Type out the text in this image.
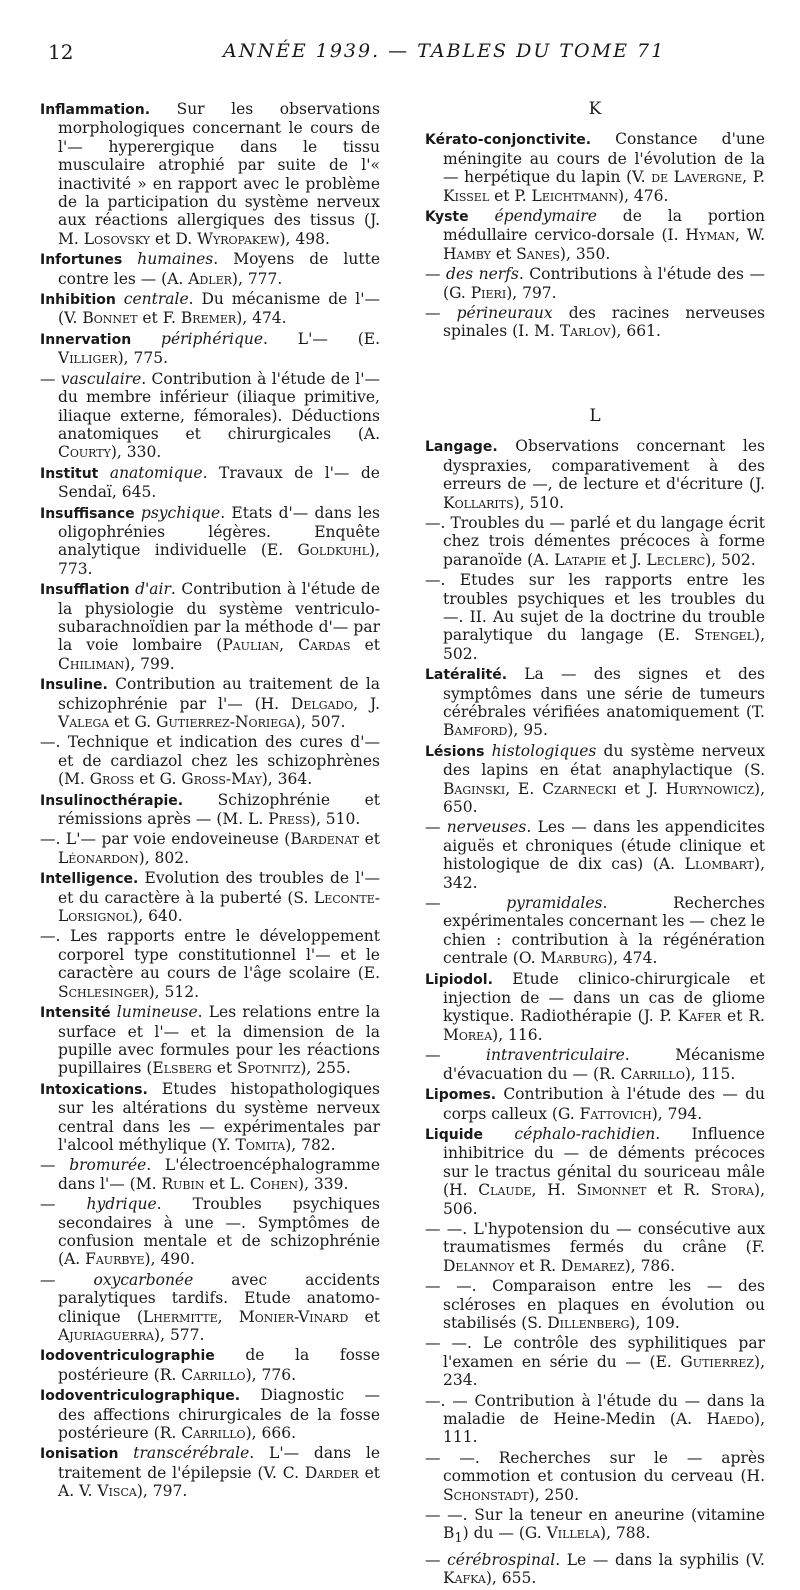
12	ANNÉE 1939. — TABLES DU TOME 71

Inflammation. Sur les observations morphologiques concernant le cours de l'— hyperergique dans le tissu musculaire atrophié par suite de l'« inactivité » en rapport avec le problème de la participation du système nerveux aux réactions allergiques des tissus (J. M. Losovsky et D. Wyropakew), 498.

Infortunes humaines. Moyens de lutte contre les — (A. Adler), 777.

Inhibition centrale. Du mécanisme de l'— (V. Bonnet et F. Bremer), 474.

Innervation périphérique. L'— (E. Villiger), 775.

— vasculaire. Contribution à l'étude de l'— du membre inférieur (iliaque primitive, iliaque externe, fémorales). Déductions anatomiques et chirurgicales (A. Courty), 330.

Institut anatomique. Travaux de l'— de Sendaï, 645.

Insuffisance psychique. Etats d'— dans les oligophrénies légères. Enquête analytique individuelle (E. Goldkuhl), 773.

Insufflation d'air. Contribution à l'étude de la physiologie du système ventriculo-subarachnoïdien par la méthode d'— par la voie lombaire (Paulian, Cardas et Chiliman), 799.

Insuline. Contribution au traitement de la schizophrénie par l'— (H. Delgado, J. Valega et G. Gutierrez-Noriega), 507.

—. Technique et indication des cures d'— et de cardiazol chez les schizophrènes (M. Gross et G. Gross-May), 364.

Insulinocthérapie. Schizophrénie et rémissions après — (M. L. Press), 510.

—. L'— par voie endoveineuse (Bardenat et Léonardon), 802.

Intelligence. Evolution des troubles de l'— et du caractère à la puberté (S. Leconte-Lorsignol), 640.

—. Les rapports entre le développement corporel type constitutionnel l'— et le caractère au cours de l'âge scolaire (E. Schlesinger), 512.

Intensité lumineuse. Les relations entre la surface et l'— et la dimension de la pupille avec formules pour les réactions pupillaires (Elsberg et Spotnitz), 255.

Intoxications. Etudes histopathologiques sur les altérations du système nerveux central dans les — expérimentales par l'alcool méthylique (Y. Tomita), 782.

— bromurée. L'électroencéphalogramme dans l'— (M. Rubin et L. Cohen), 339.

— hydrique. Troubles psychiques secondaires à une —. Symptômes de confusion mentale et de schizophrénie (A. Faurbye), 490.

— oxycarbonée avec accidents paralytiques tardifs. Etude anatomo-clinique (Lhermitte, Monier-Vinard et Ajuriaguerra), 577.

Iodoventriculographie de la fosse postérieure (R. Carrillo), 776.

Iodoventriculographique. Diagnostic — des affections chirurgicales de la fosse postérieure (R. Carrillo), 666.

Ionisation transcérébrale. L'— dans le traitement de l'épilepsie (V. C. Darder et A. V. Visca), 797.

K

Kérato-conjonctivite. Constance d'une méningite au cours de l'évolution de la — herpétique du lapin (V. de Lavergne, P. Kissel et P. Leichtmann), 476.

Kyste épendymaire de la portion médullaire cervico-dorsale (I. Hyman, W. Hamby et Sanes), 350.

— des nerfs. Contributions à l'étude des — (G. Pieri), 797.

— périneuraux des racines nerveuses spinales (I. M. Tarlov), 661.

L

Langage. Observations concernant les dyspraxies, comparativement à des erreurs de —, de lecture et d'écriture (J. Kollarits), 510.

—. Troubles du — parlé et du langage écrit chez trois démentes précoces à forme paranoïde (A. Latapie et J. Leclerc), 502.

—. Etudes sur les rapports entre les troubles psychiques et les troubles du —. II. Au sujet de la doctrine du trouble paralytique du langage (E. Stengel), 502.

Latéralité. La — des signes et des symptômes dans une série de tumeurs cérébrales vérifiées anatomiquement (T. Bamford), 95.

Lésions histologiques du système nerveux des lapins en état anaphylactique (S. Baginski, E. Czarnecki et J. Hurynowicz), 650.

— nerveuses. Les — dans les appendicites aiguës et chroniques (étude clinique et histologique de dix cas) (A. Llombart), 342.

— pyramidales. Recherches expérimentales concernant les — chez le chien : contribution à la régénération centrale (O. Marburg), 474.

Lipiodol. Etude clinico-chirurgicale et injection de — dans un cas de gliome kystique. Radiothérapie (J. P. Kafer et R. Morea), 116.

— intraventriculaire. Mécanisme d'évacuation du — (R. Carrillo), 115.

Lipomes. Contribution à l'étude des — du corps calleux (G. Fattovich), 794.

Liquide céphalo-rachidien. Influence inhibitrice du — de déments précoces sur le tractus génital du souriceau mâle (H. Claude, H. Simonnet et R. Stora), 506.

— —. L'hypotension du — consécutive aux traumatismes fermés du crâne (F. Delannoy et R. Demarez), 786.

— —. Comparaison entre les — des scléroses en plaques en évolution ou stabilisés (S. Dillenberg), 109.

— —. Le contrôle des syphilitiques par l'examen en série du — (E. Gutierrez), 234.

—. — Contribution à l'étude du — dans la maladie de Heine-Medin (A. Haedo), 111.

— —. Recherches sur le — après commotion et contusion du cerveau (H. Schonstadt), 250.

— —. Sur la teneur en aneurine (vitamine $B_1$) du — (G. Villela), 788.

— cérébrospinal. Le — dans la syphilis (V. Kafka), 655.
